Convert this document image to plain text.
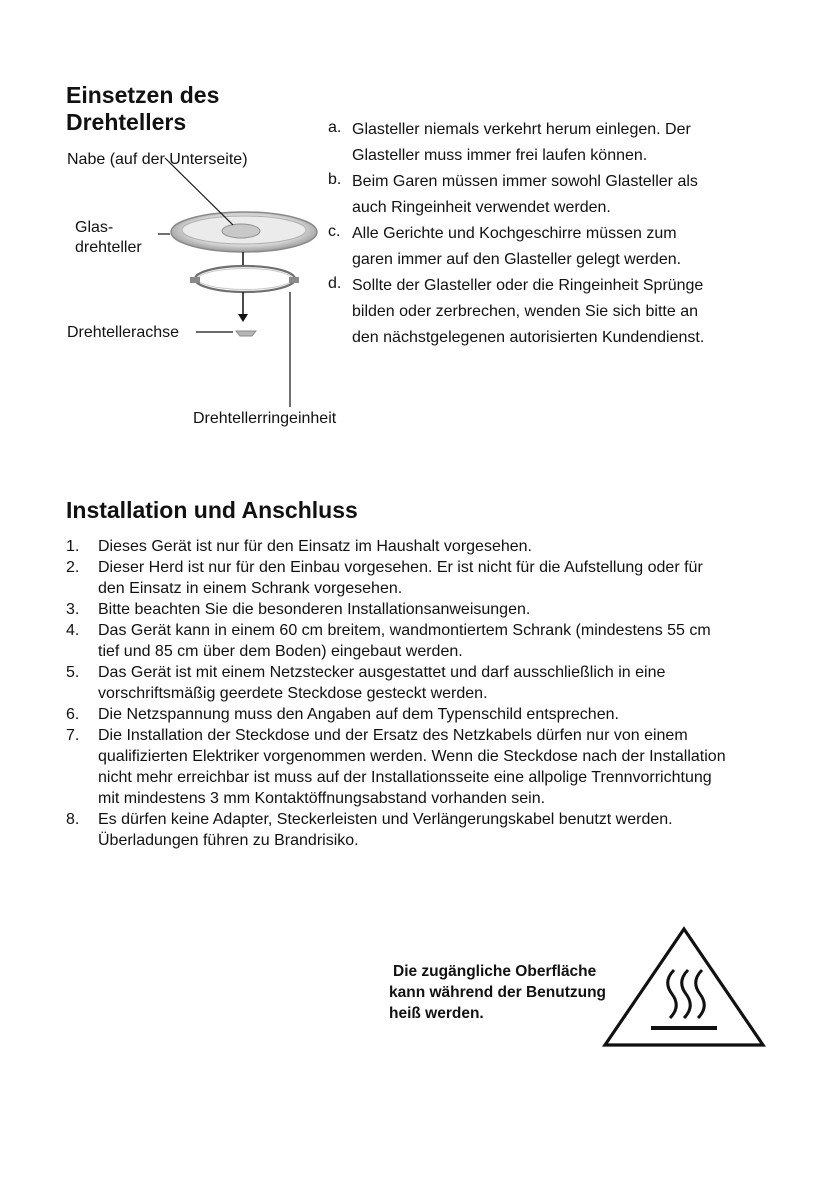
Einsetzen des
Drehtellers
Nabe (auf der Unterseite)
Glas-
drehteller
Drehtellerachse
Drehtellerringeinheit
a. Glasteller niemals verkehrt herum einlegen. Der
Glasteller muss immer frei laufen können.
b. Beim Garen müssen immer sowohl Glasteller als
auch Ringeinheit verwendet werden.
c. Alle Gerichte und Kochgeschirre müssen zum
garen immer auf den Glasteller gelegt werden.
d. Sollte der Glasteller oder die Ringeinheit Sprünge
bilden oder zerbrechen, wenden Sie sich bitte an
den nächstgelegenen autorisierten Kundendienst.
Installation und Anschluss
1. Dieses Gerät ist nur für den Einsatz im Haushalt vorgesehen.
2. Dieser Herd ist nur für den Einbau vorgesehen. Er ist nicht für die Aufstellung oder für
den Einsatz in einem Schrank vorgesehen.
3. Bitte beachten Sie die besonderen Installationsanweisungen.
4. Das Gerät kann in einem 60 cm breitem, wandmontiertem Schrank (mindestens 55 cm
tief und 85 cm über dem Boden) eingebaut werden.
5. Das Gerät ist mit einem Netzstecker ausgestattet und darf ausschließlich in eine
vorschriftsmäßig geerdete Steckdose gesteckt werden.
6. Die Netzspannung muss den Angaben auf dem Typenschild entsprechen.
7. Die Installation der Steckdose und der Ersatz des Netzkabels dürfen nur von einem
qualifizierten Elektriker vorgenommen werden. Wenn die Steckdose nach der Installation
nicht mehr erreichbar ist muss auf der Installationsseite eine allpolige Trennvorrichtung
mit mindestens 3 mm Kontaktöffnungsabstand vorhanden sein.
8. Es dürfen keine Adapter, Steckerleisten und Verlängerungskabel benutzt werden.
Überladungen führen zu Brandrisiko.
Die zugängliche Oberfläche
kann während der Benutzung
heiß werden.
